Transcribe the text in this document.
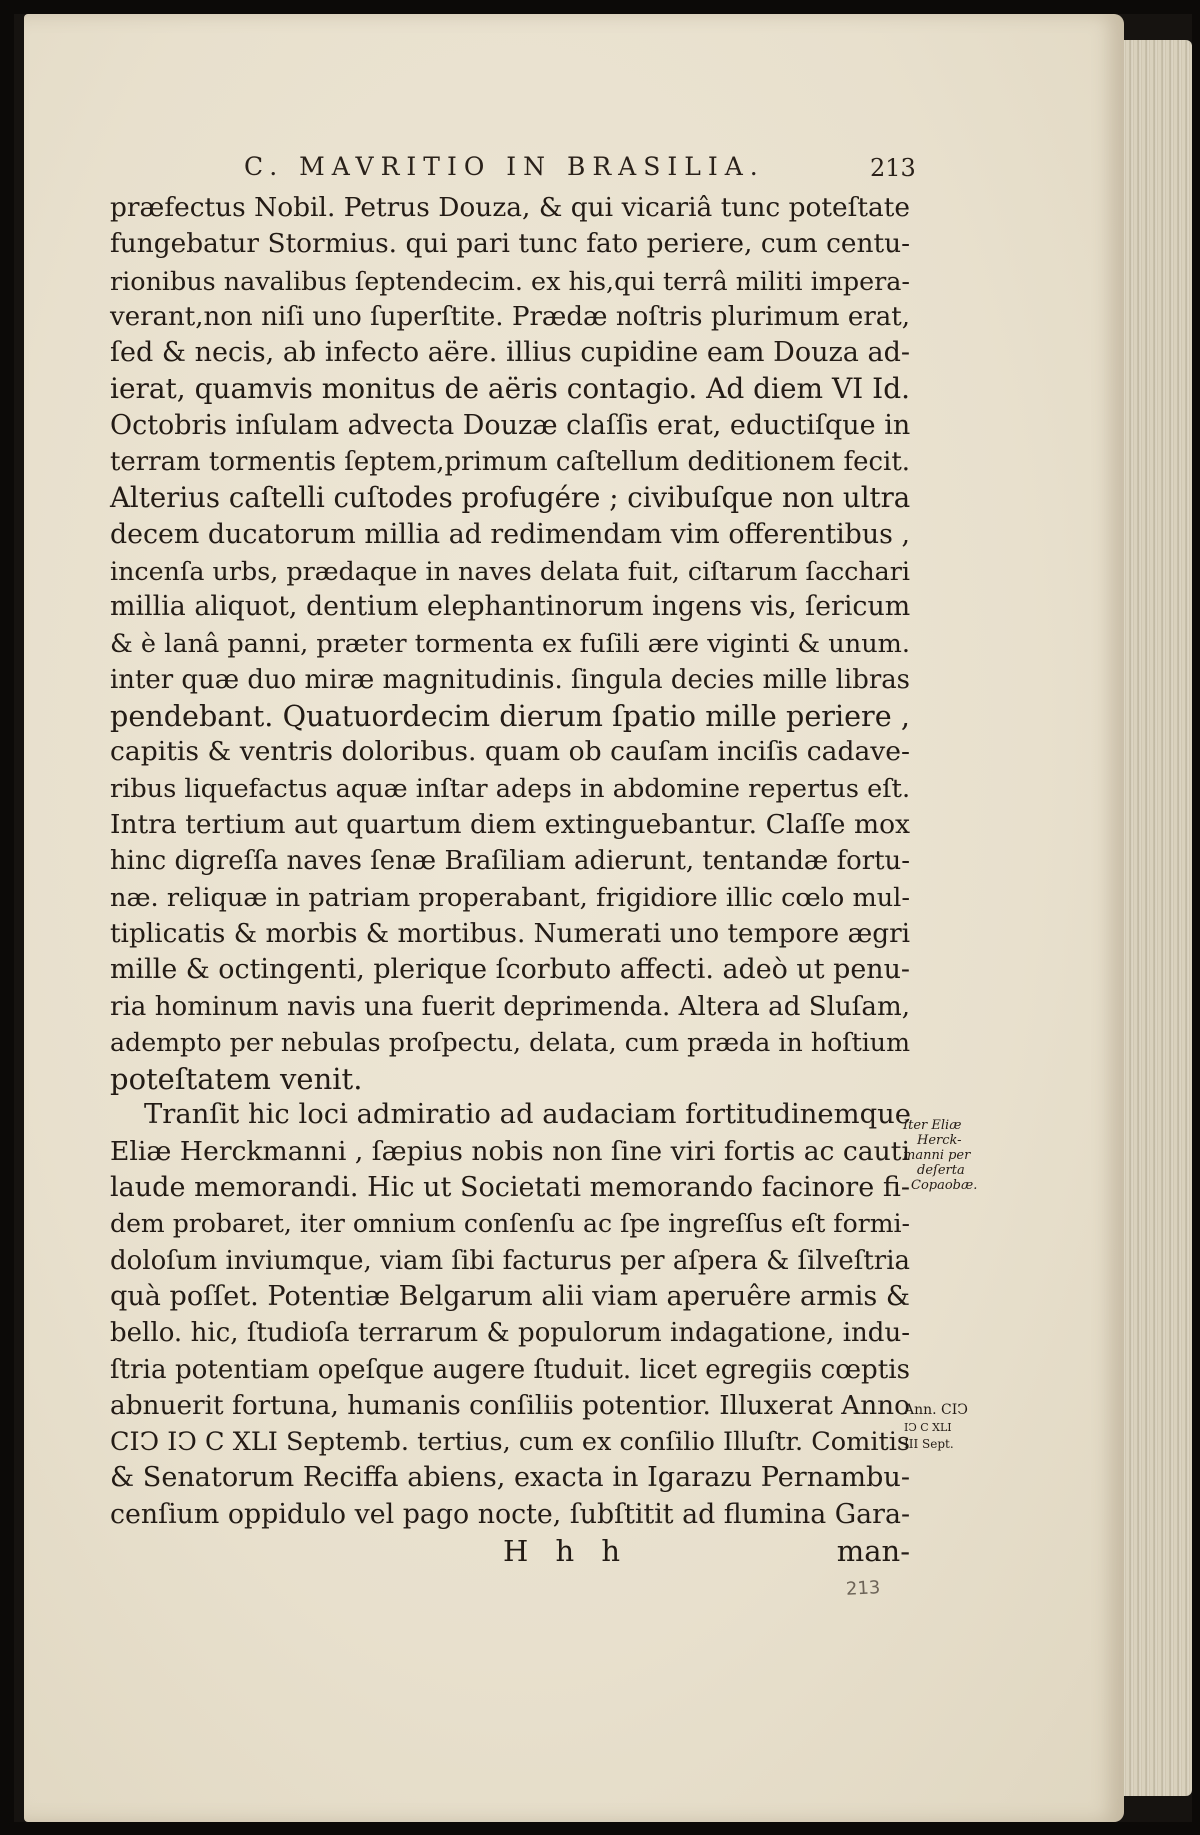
C. MAVRITIO IN BRASILIA.	213
præfectus Nobil. Petrus Douza, & qui vicariâ tunc poteſtate
fungebatur Stormius. qui pari tunc fato periere, cum centu-
rionibus navalibus ſeptendecim. ex his,qui terrâ militi impera-
verant,non niſi uno ſuperſtite. Prædæ noſtris plurimum erat,
ſed & necis, ab infecto aëre. illius cupidine eam Douza ad-
ierat, quamvis monitus de aëris contagio. Ad diem VI Id.
Octobris inſulam advecta Douzæ claſſis erat, eductiſque in
terram tormentis ſeptem,primum caſtellum deditionem fecit.
Alterius caſtelli cuſtodes profugére ; civibuſque non ultra
decem ducatorum millia ad redimendam vim offerentibus ,
incenſa urbs, prædaque in naves delata fuit, ciſtarum ſacchari
millia aliquot, dentium elephantinorum ingens vis, ſericum
& è lanâ panni, præter tormenta ex fuſili ære viginti & unum.
inter quæ duo miræ magnitudinis. ſingula decies mille libras
pendebant. Quatuordecim dierum ſpatio mille periere ,
capitis & ventris doloribus. quam ob cauſam inciſis cadave-
ribus liquefactus aquæ inſtar adeps in abdomine repertus eſt.
Intra tertium aut quartum diem extinguebantur. Claſſe mox
hinc digreſſa naves ſenæ Braſiliam adierunt, tentandæ fortu-
næ. reliquæ in patriam properabant, frigidiore illic cœlo mul-
tiplicatis & morbis & mortibus. Numerati uno tempore ægri
mille & octingenti, plerique ſcorbuto affecti. adeò ut penu-
ria hominum navis una fuerit deprimenda. Altera ad Sluſam,
adempto per nebulas proſpectu, delata, cum præda in hoſtium
poteſtatem venit.
Tranſit hic loci admiratio ad audaciam fortitudinemque
Eliæ Herckmanni , ſæpius nobis non ſine viri fortis ac cauti
laude memorandi. Hic ut Societati memorando facinore fi-
dem probaret, iter omnium conſenſu ac ſpe ingreſſus eſt formi-
doloſum inviumque, viam ſibi facturus per aſpera & ſilveſtria
quà poſſet. Potentiæ Belgarum alii viam aperuêre armis &
bello. hic, ſtudioſa terrarum & populorum indagatione, indu-
ſtria potentiam opeſque augere ſtuduit. licet egregiis cœptis
abnuerit fortuna, humanis conſiliis potentior. Illuxerat Anno
CIↃ IↃ C XLI Septemb. tertius, cum ex conſilio Illuſtr. Comitis
& Senatorum Reciffa abiens, exacta in Igarazu Pernambu-
cenſium oppidulo vel pago nocte, ſubſtitit ad flumina Gara-
H h h	man-
Iter Eliæ
Herck-
manni per
deſerta
Copaobæ.
Ann. CIↃ
IↃ C XLI
III Sept.
213
